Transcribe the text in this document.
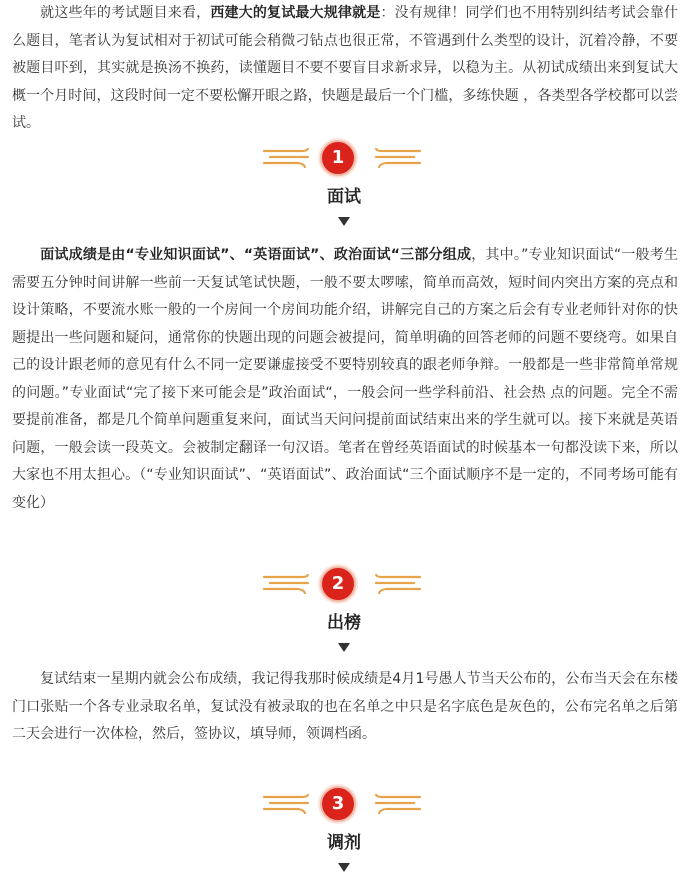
就这些年的考试题目来看，西建大的复试最大规律就是：没有规律！同学们也不用特别纠结考试会靠什么题目，笔者认为复试相对于初试可能会稍微刁钻点也很正常，不管遇到什么类型的设计，沉着冷静，不要被题目吓到，其实就是换汤不换药，读懂题目不要不要盲目求新求异，以稳为主。从初试成绩出来到复试大概一个月时间，这段时间一定不要松懈开眼之路，快题是最后一个门槛，多练快题 ，各类型各学校都可以尝试。

1
面试

面试成绩是由“专业知识面试”、“英语面试”、政治面试“三部分组成，其中。”专业知识面试“一般考生需要五分钟时间讲解一些前一天复试笔试快题，一般不要太啰嗦，简单而高效，短时间内突出方案的亮点和设计策略，不要流水账一般的一个房间一个房间功能介绍，讲解完自己的方案之后会有专业老师针对你的快题提出一些问题和疑问，通常你的快题出现的问题会被提问，简单明确的回答老师的问题不要绕弯。如果自己的设计跟老师的意见有什么不同一定要谦虚接受不要特别较真的跟老师争辩。一般都是一些非常简单常规的问题。”专业面试“完了接下来可能会是”政治面试“，一般会问一些学科前沿、社会热 点的问题。完全不需要提前准备，都是几个简单问题重复来问，面试当天问问提前面试结束出来的学生就可以。接下来就是英语问题，一般会读一段英文。会被制定翻译一句汉语。笔者在曾经英语面试的时候基本一句都没读下来，所以大家也不用太担心。（“专业知识面试”、“英语面试”、政治面试“三个面试顺序不是一定的，不同考场可能有变化）

2
出榜

复试结束一星期内就会公布成绩，我记得我那时候成绩是4月1号愚人节当天公布的，公布当天会在东楼门口张贴一个各专业录取名单，复试没有被录取的也在名单之中只是名字底色是灰色的，公布完名单之后第二天会进行一次体检，然后，签协议，填导师，领调档函。

3
调剂
